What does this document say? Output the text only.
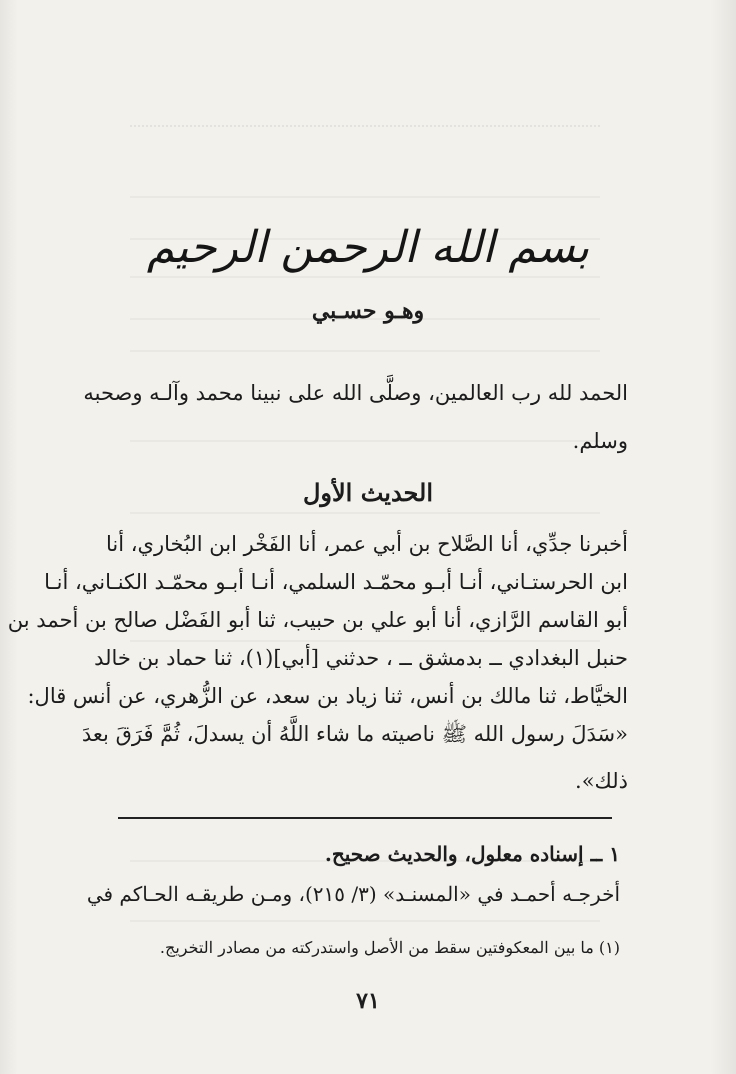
بسم الله الرحمن الرحيم
وهـو حسـبي
الحمد لله رب العالمين، وصلَّى الله على نبينا محمد وآلـه وصحبه
وسلم.
الحديث الأول
أخبرنا جدِّي، أنا الصَّلاح بن أبي عمر، أنا الفَخْر ابن البُخاري، أنا
ابن الحرستـاني، أنـا أبـو محمّـد السلمي، أنـا أبـو محمّـد الكنـاني، أنـا
أبو القاسم الرَّازي، أنا أبو علي بن حبيب، ثنا أبو الفَضْل صالح بن أحمد بن
حنبل البغدادي ــ بدمشق ــ ، حدثني [أبي](١)، ثنا حماد بن خالد
الخيَّاط، ثنا مالك بن أنس، ثنا زياد بن سعد، عن الزُّهري، عن أنس قال:
«سَدَلَ رسول الله ﷺ ناصيته ما شاء اللَّهُ أن يسدلَ، ثُمَّ فَرَقَ بعدَ
ذلك».
١ ــ إسناده معلول، والحديث صحيح.
أخرجـه أحمـد في «المسنـد» (٣/ ٢١٥)، ومـن طريقـه الحـاكم في
(١) ما بين المعكوفتين سقط من الأصل واستدركته من مصادر التخريج.
٧١
